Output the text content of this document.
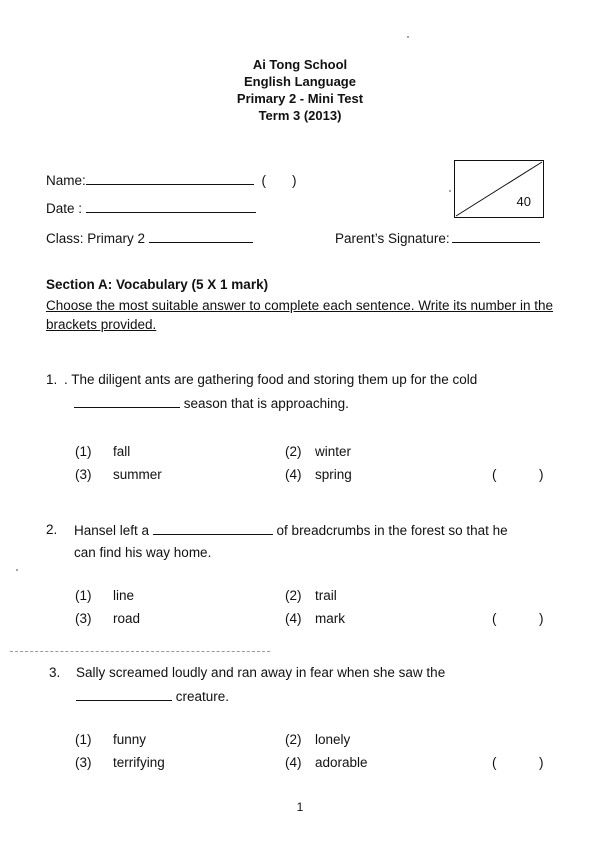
Ai Tong School
English Language
Primary 2 - Mini Test
Term 3 (2013)
Name:	( )
Date :
Class: Primary 2	Parent’s Signature:
40
Section A: Vocabulary (5 X 1 mark)
Choose the most suitable answer to complete each sentence. Write its number in the brackets provided.
1. . The diligent ants are gathering food and storing them up for the cold
season that is approaching.
(1) fall	(2) winter
(3) summer	(4) spring	(	)
2. Hansel left a	of breadcrumbs in the forest so that he
can find his way home.
(1) line	(2) trail
(3) road	(4) mark	(	)
3. Sally screamed loudly and ran away in fear when she saw the
creature.
(1) funny	(2) lonely
(3) terrifying	(4) adorable	(	)
1
